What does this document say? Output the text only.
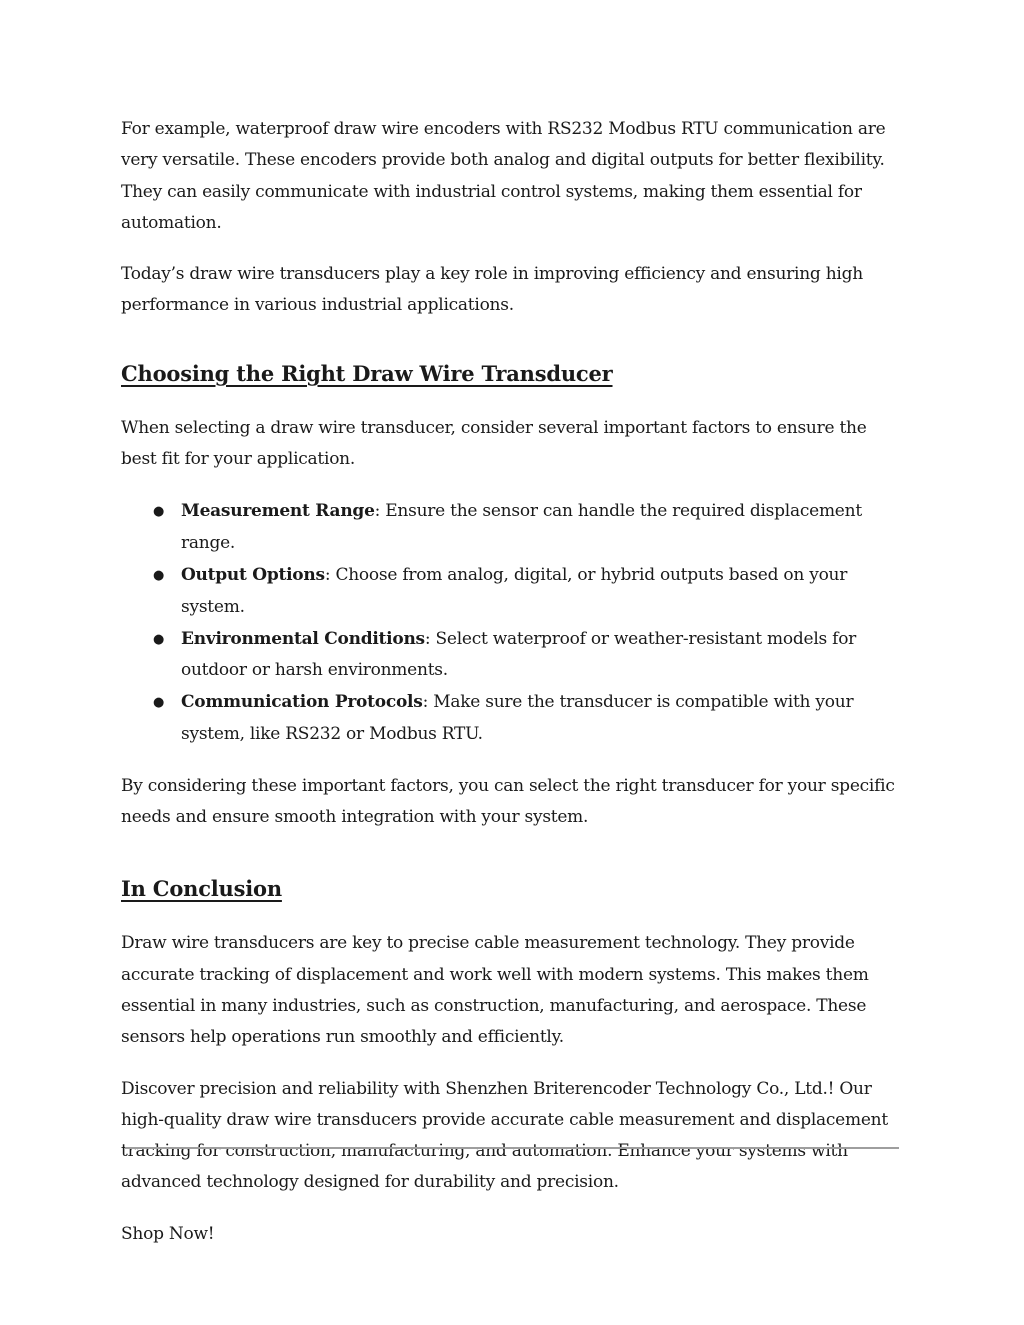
For example, waterproof draw wire encoders with RS232 Modbus RTU communication are very versatile. These encoders provide both analog and digital outputs for better flexibility. They can easily communicate with industrial control systems, making them essential for automation.

Today’s draw wire transducers play a key role in improving efficiency and ensuring high performance in various industrial applications.

Choosing the Right Draw Wire Transducer

When selecting a draw wire transducer, consider several important factors to ensure the best fit for your application.

● Measurement Range: Ensure the sensor can handle the required displacement range.
● Output Options: Choose from analog, digital, or hybrid outputs based on your system.
● Environmental Conditions: Select waterproof or weather-resistant models for outdoor or harsh environments.
● Communication Protocols: Make sure the transducer is compatible with your system, like RS232 or Modbus RTU.

By considering these important factors, you can select the right transducer for your specific needs and ensure smooth integration with your system.

In Conclusion

Draw wire transducers are key to precise cable measurement technology. They provide accurate tracking of displacement and work well with modern systems. This makes them essential in many industries, such as construction, manufacturing, and aerospace. These sensors help operations run smoothly and efficiently.

Discover precision and reliability with Shenzhen Briterencoder Technology Co., Ltd.! Our high-quality draw wire transducers provide accurate cable measurement and displacement tracking for construction, manufacturing, and automation. Enhance your systems with advanced technology designed for durability and precision.

Shop Now!
